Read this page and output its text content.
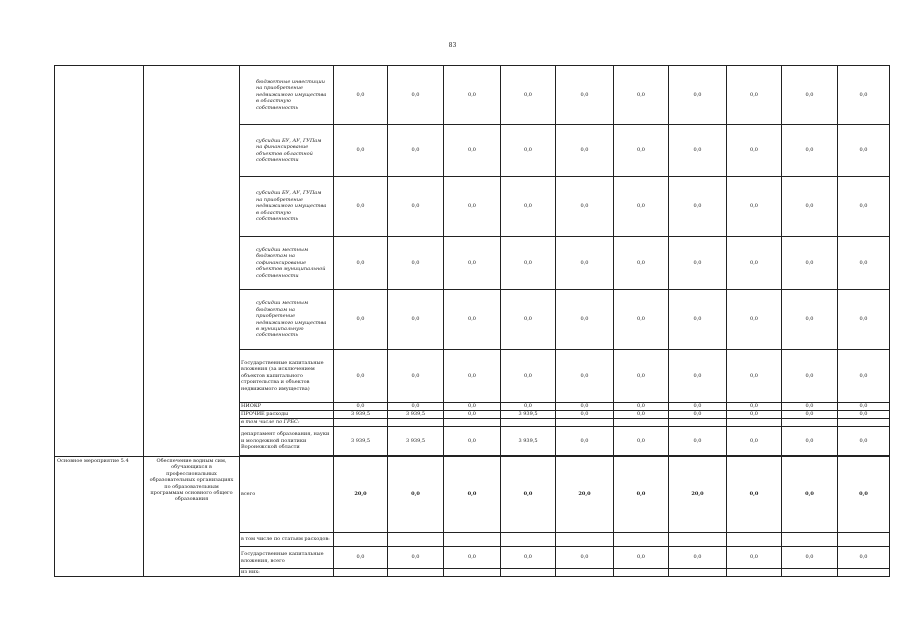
83
		бюджетные инвестиции на приобретение недвижимого имущества в областную собственность	0,0	0,0	0,0	0,0	0,0	0,0	0,0	0,0	0,0	0,0
		субсидии БУ, АУ, ГУПам на финансирование объектов областной собственности	0,0	0,0	0,0	0,0	0,0	0,0	0,0	0,0	0,0	0,0
		субсидии БУ, АУ, ГУПам на приобретение недвижимого имущества в областную собственность	0,0	0,0	0,0	0,0	0,0	0,0	0,0	0,0	0,0	0,0
		субсидии местным бюджетам на софинансирование объектов муниципальной собственности	0,0	0,0	0,0	0,0	0,0	0,0	0,0	0,0	0,0	0,0
		субсидии местным бюджетам на приобретение недвижимого имущества в муниципальную собственность	0,0	0,0	0,0	0,0	0,0	0,0	0,0	0,0	0,0	0,0
		Государственные капитальные вложения (за исключением объектов капитального строительства и объектов недвижимого имущества)	0,0	0,0	0,0	0,0	0,0	0,0	0,0	0,0	0,0	0,0
		НИОКР	0,0	0,0	0,0	0,0	0,0	0,0	0,0	0,0	0,0	0,0
		ПРОЧИЕ расходы	3 939,5	3 939,5	0,0	3 939,5	0,0	0,0	0,0	0,0	0,0	0,0
		в том числе по ГРБС:										
		департамент образования, науки и молодежной политики Воронежской области	3 939,5	3 939,5	0,0	3 939,5	0,0	0,0	0,0	0,0	0,0	0,0

Основное мероприятие 5.4	Обеспечение водным сим, обучающихся в профессиональных образовательных организациях по образовательным программам основного общего образования	всего	20,0	0,0	0,0	0,0	20,0	0,0	20,0	0,0	0,0	0,0
		в том числе по статьям расходов:										
		Государственные капитальные вложения, всего	0,0	0,0	0,0	0,0	0,0	0,0	0,0	0,0	0,0	0,0
		из них:										
